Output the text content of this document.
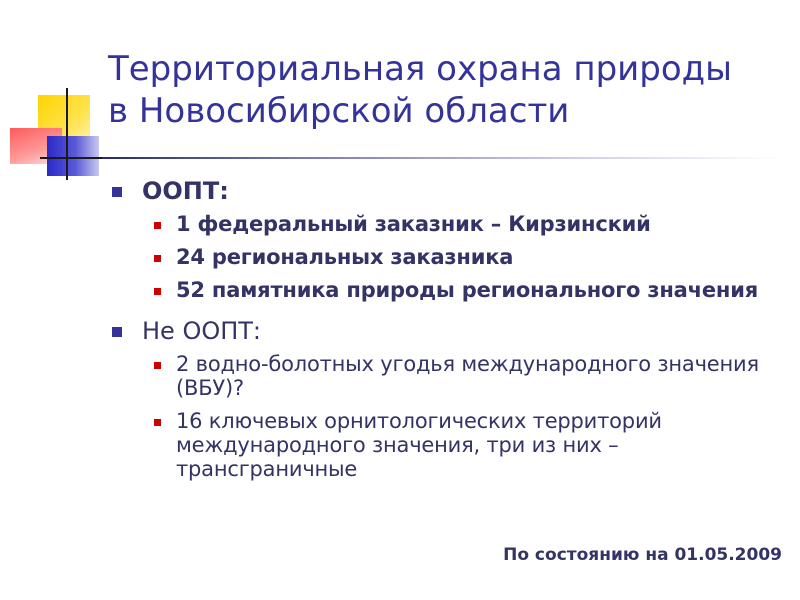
Территориальная охрана природы
в Новосибирской области
ООПТ:
1 федеральный заказник – Кирзинский
24 региональных заказника
52 памятника природы регионального значения
Не ООПТ:
2 водно-болотных угодья международного значения (ВБУ)?
16 ключевых орнитологических территорий международного значения, три из них – трансграничные
По состоянию на 01.05.2009
